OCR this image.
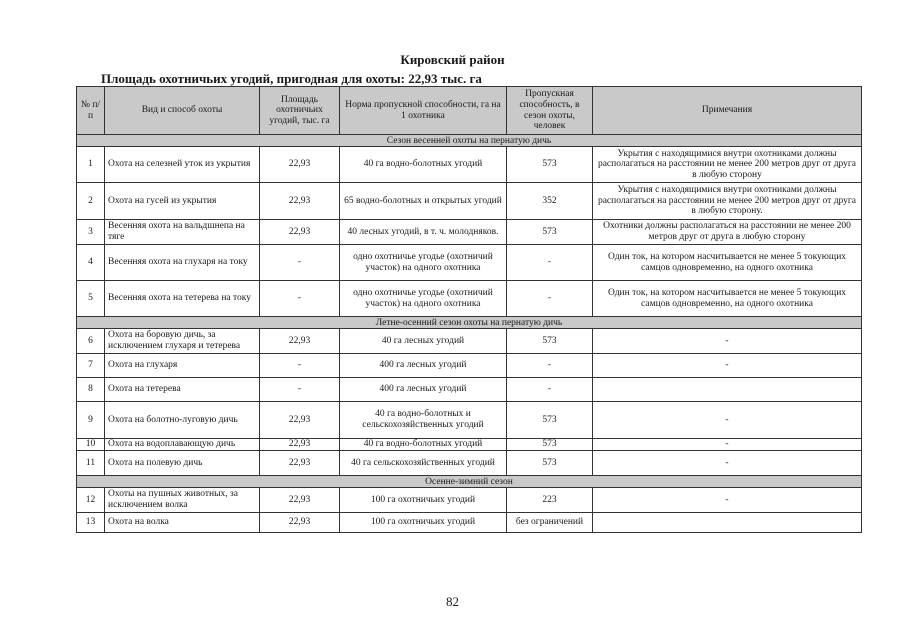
Кировский район
Площадь охотничьих угодий, пригодная для охоты: 22,93 тыс. га
№ п/п	Вид и способ охоты	Площадь охотничьих угодий, тыс. га	Норма пропускной способности, га на 1 охотника	Пропускная способность, в сезон охоты, человек	Примечания
Сезон весенней охоты на пернатую дичь					
1	Охота на селезней уток из укрытия	22,93	40 га водно-болотных угодий	573	Укрытия с находящимися внутри охотниками должны располагаться на расстоянии не менее 200 метров друг от друга в любую сторону
2	Охота на гусей из укрытия	22,93	65 водно-болотных и открытых угодий	352	Укрытия с находящимися внутри охотниками должны располагаться на расстоянии не менее 200 метров друг от друга в любую сторону.
3	Весенняя охота на вальдшнепа на тяге	22,93	40 лесных угодий, в т. ч. молодняков.	573	Охотники должны располагаться на расстоянии не менее 200 метров друг от друга в любую сторону
4	Весенняя охота на глухаря на току	-	одно охотничье угодье (охотничий участок) на одного охотника	-	Один ток, на котором насчитывается не менее 5 токующих самцов одновременно, на одного охотника
5	Весенняя охота на тетерева на току	-	одно охотничье угодье (охотничий участок) на одного охотника	-	Один ток, на котором насчитывается не менее 5 токующих самцов одновременно, на одного охотника
Летне-осенний сезон охоты на пернатую дичь					
6	Охота на боровую дичь, за исключением глухаря и тетерева	22,93	40 га лесных угодий	573	-
7	Охота на глухаря	-	400 га лесных угодий	-	-
8	Охота на тетерева	-	400 га лесных угодий	-	
9	Охота на болотно-луговую дичь	22,93	40 га водно-болотных и сельскохозяйственных угодий	573	-
10	Охота на водоплавающую дичь	22,93	40 га водно-болотных угодий	573	-
11	Охота на полевую дичь	22,93	40 га сельскохозяйственных угодий	573	-
Осенне-зимний сезон					
12	Охоты на пушных животных, за исключением волка	22,93	100 га охотничьих угодий	223	-
13	Охота на волка	22,93	100 га охотничьих угодий	без ограничений	
82
